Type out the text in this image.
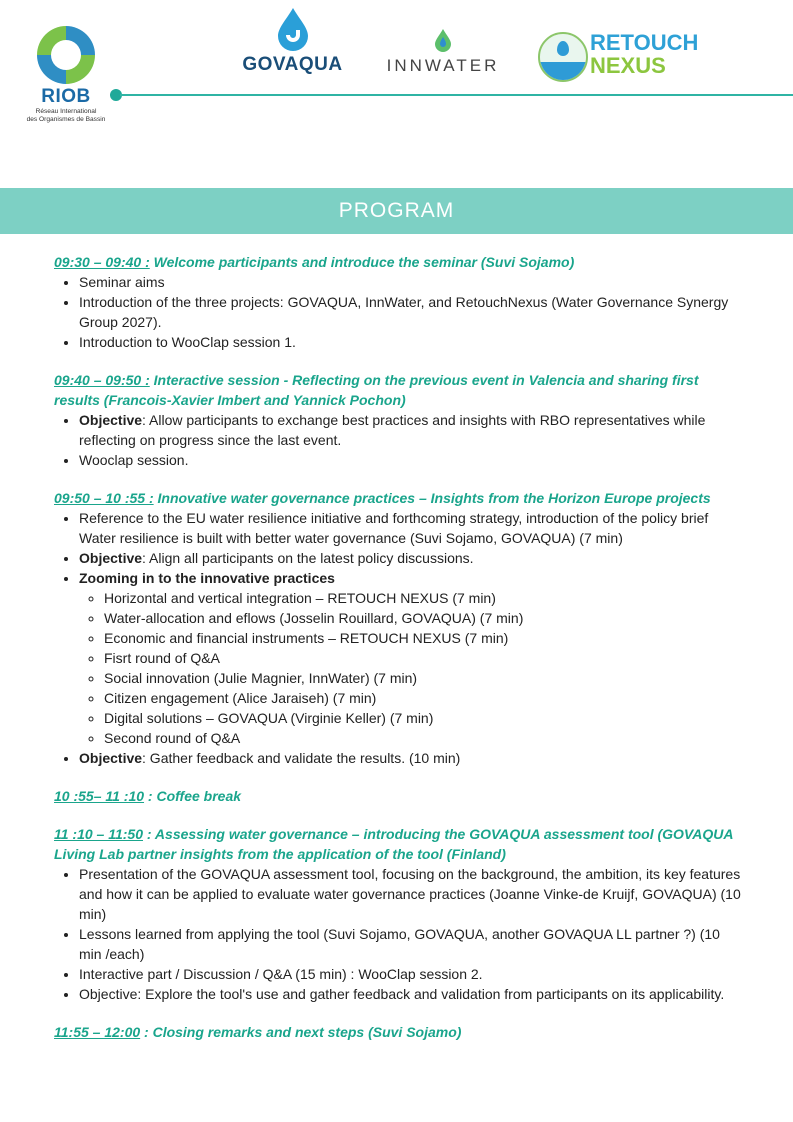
RIOB
Réseau International
des Organismes de Bassin
GOVAQUA	INNWATER
RETOUCH
NEXUS
PROGRAM
09:30 – 09:40 : Welcome participants and introduce the seminar (Suvi Sojamo)
• Seminar aims
• Introduction of the three projects: GOVAQUA, InnWater, and RetouchNexus (Water Governance Synergy Group 2027).
• Introduction to WooClap session 1.
09:40 – 09:50 : Interactive session - Reflecting on the previous event in Valencia and sharing first results (Francois-Xavier Imbert and Yannick Pochon)
• Objective: Allow participants to exchange best practices and insights with RBO representatives while reflecting on progress since the last event.
• Wooclap session.
09:50 – 10 :55 : Innovative water governance practices – Insights from the Horizon Europe projects
• Reference to the EU water resilience initiative and forthcoming strategy, introduction of the policy brief Water resilience is built with better water governance (Suvi Sojamo, GOVAQUA) (7 min)
• Objective: Align all participants on the latest policy discussions.
• Zooming in to the innovative practices
◦ Horizontal and vertical integration – RETOUCH NEXUS (7 min)
◦ Water-allocation and eflows (Josselin Rouillard, GOVAQUA) (7 min)
◦ Economic and financial instruments – RETOUCH NEXUS (7 min)
◦ Fisrt round of Q&A
◦ Social innovation (Julie Magnier, InnWater) (7 min)
◦ Citizen engagement (Alice Jaraiseh) (7 min)
◦ Digital solutions – GOVAQUA (Virginie Keller) (7 min)
◦ Second round of Q&A
• Objective: Gather feedback and validate the results. (10 min)
10 :55– 11 :10 : Coffee break
11 :10 – 11:50 : Assessing water governance – introducing the GOVAQUA assessment tool (GOVAQUA Living Lab partner insights from the application of the tool (Finland)
• Presentation of the GOVAQUA assessment tool, focusing on the background, the ambition, its key features and how it can be applied to evaluate water governance practices (Joanne Vinke-de Kruijf, GOVAQUA) (10 min)
• Lessons learned from applying the tool (Suvi Sojamo, GOVAQUA, another GOVAQUA LL partner ?) (10 min /each)
• Interactive part / Discussion / Q&A (15 min) : WooClap session 2.
• Objective: Explore the tool's use and gather feedback and validation from participants on its applicability.
11:55 – 12:00 : Closing remarks and next steps (Suvi Sojamo)
